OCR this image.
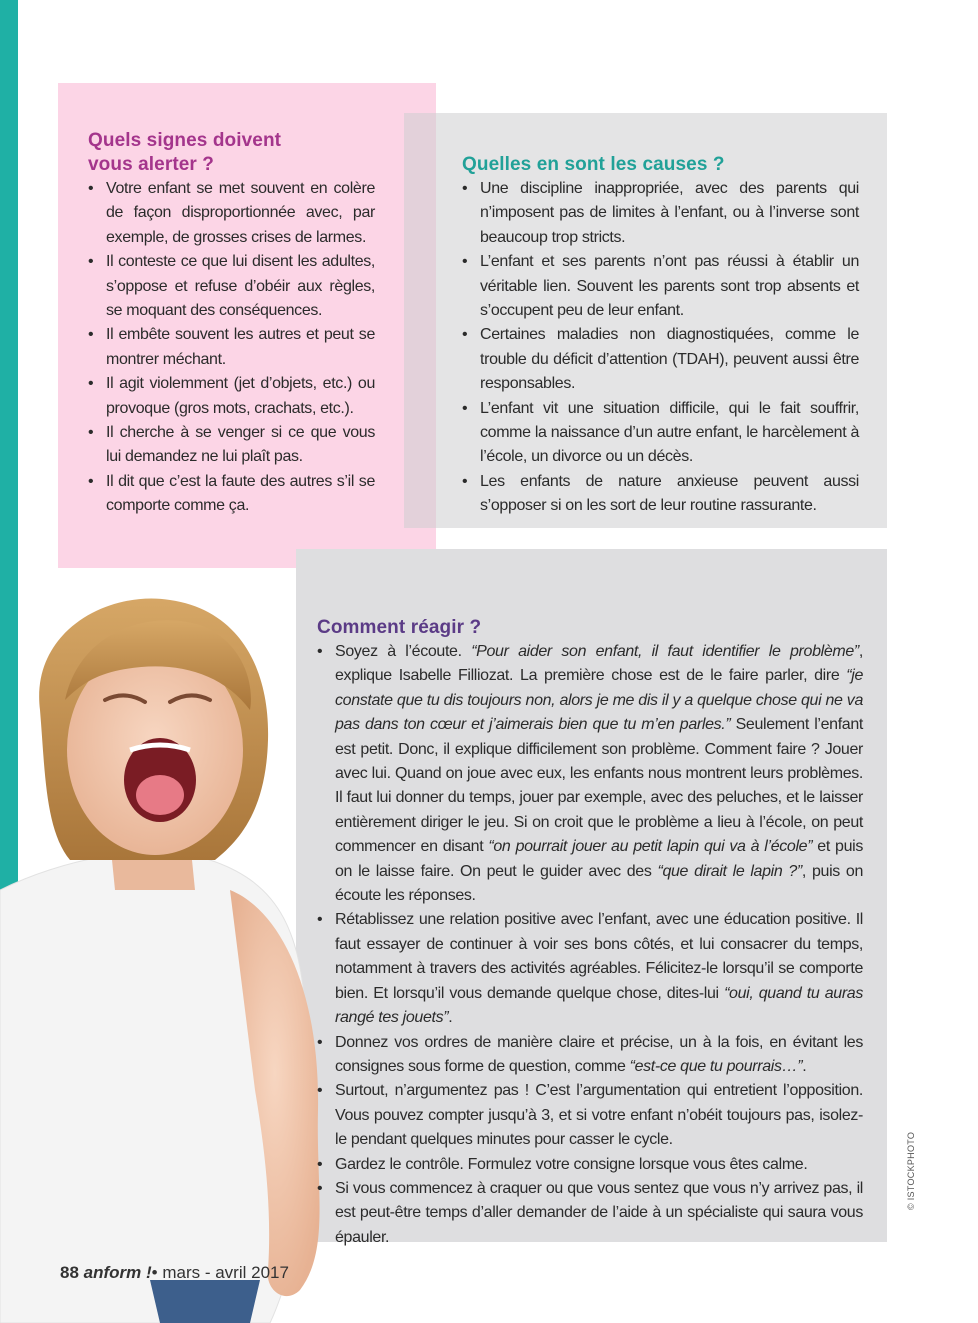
Quels signes doivent
vous alerter ?
• Votre enfant se met souvent en colère de façon disproportionnée avec, par exemple, de grosses crises de larmes.
• Il conteste ce que lui disent les adultes, s’oppose et refuse d’obéir aux règles, se moquant des conséquences.
• Il embête souvent les autres et peut se montrer méchant.
• Il agit violemment (jet d’objets, etc.) ou provoque (gros mots, crachats, etc.).
• Il cherche à se venger si ce que vous lui demandez ne lui plaît pas.
• Il dit que c’est la faute des autres s’il se comporte comme ça.
Quelles en sont les causes ?
• Une discipline inappropriée, avec des parents qui n’imposent pas de limites à l’enfant, ou à l’inverse sont beaucoup trop stricts.
• L’enfant et ses parents n’ont pas réussi à établir un véritable lien. Souvent les parents sont trop absents et s’occupent peu de leur enfant.
• Certaines maladies non diagnostiquées, comme le trouble du déficit d’attention (TDAH), peuvent aussi être responsables.
• L’enfant vit une situation difficile, qui le fait souffrir, comme la naissance d’un autre enfant, le harcèlement à l’école, un divorce ou un décès.
• Les enfants de nature anxieuse peuvent aussi s’opposer si on les sort de leur routine rassurante.
Comment réagir ?
• Soyez à l’écoute. “Pour aider son enfant, il faut identifier le problème”, explique Isabelle Filliozat. La première chose est de le faire parler, dire “je constate que tu dis toujours non, alors je me dis il y a quelque chose qui ne va pas dans ton cœur et j’aimerais bien que tu m’en parles.” Seulement l’enfant est petit. Donc, il explique difficilement son problème. Comment faire ? Jouer avec lui. Quand on joue avec eux, les enfants nous montrent leurs problèmes. Il faut lui donner du temps, jouer par exemple, avec des peluches, et le laisser entièrement diriger le jeu. Si on croit que le problème a lieu à l’école, on peut commencer en disant “on pourrait jouer au petit lapin qui va à l’école” et puis on le laisse faire. On peut le guider avec des “que dirait le lapin ?”, puis on écoute les réponses.
• Rétablissez une relation positive avec l’enfant, avec une éducation positive. Il faut essayer de continuer à voir ses bons côtés, et lui consacrer du temps, notamment à travers des activités agréables. Félicitez-le lorsqu’il se comporte bien. Et lorsqu’il vous demande quelque chose, dites-lui “oui, quand tu auras rangé tes jouets”.
• Donnez vos ordres de manière claire et précise, un à la fois, en évitant les consignes sous forme de question, comme “est-ce que tu pourrais…”.
• Surtout, n’argumentez pas ! C’est l’argumentation qui entretient l’opposition. Vous pouvez compter jusqu’à 3, et si votre enfant n’obéit toujours pas, isolez-le pendant quelques minutes pour casser le cycle.
• Gardez le contrôle. Formulez votre consigne lorsque vous êtes calme.
• Si vous commencez à craquer ou que vous sentez que vous n’y arrivez pas, il est peut-être temps d’aller demander de l’aide à un spécialiste qui saura vous épauler.
88 anform !• mars - avril 2017
© ISTOCKPHOTO
